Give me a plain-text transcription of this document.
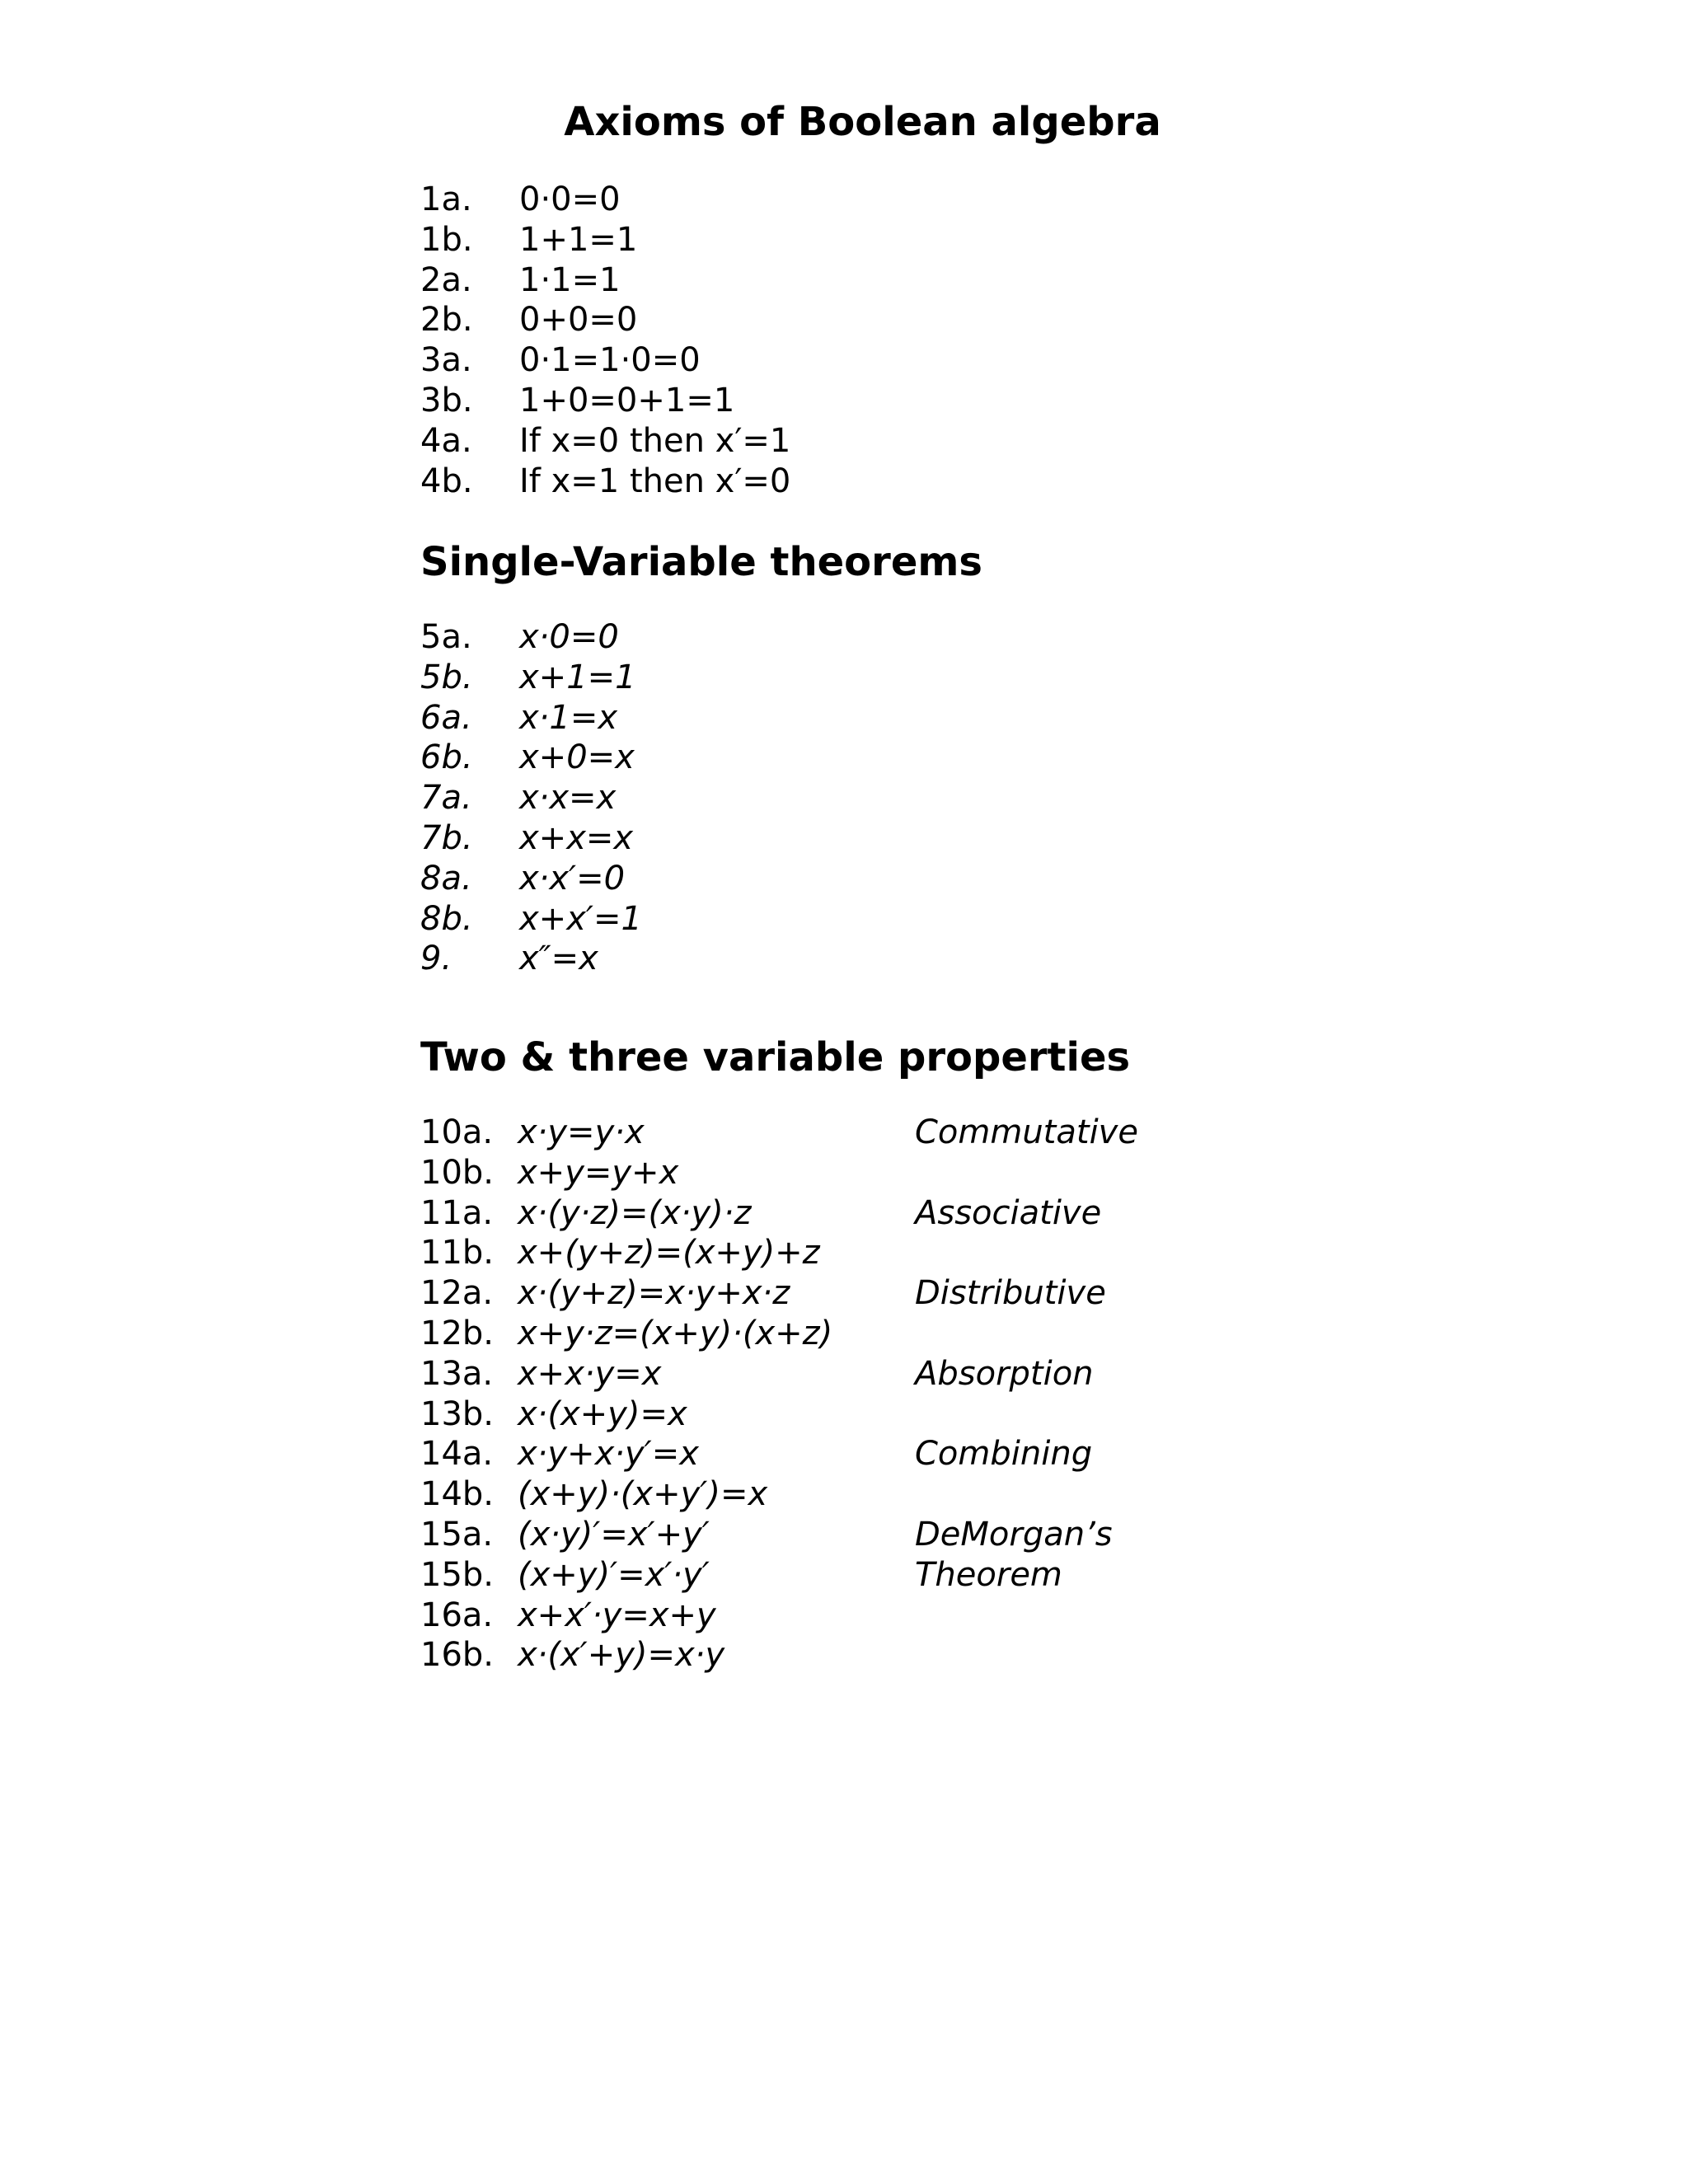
Axioms of Boolean algebra
1a. 0·0=0
1b. 1+1=1
2a. 1·1=1
2b. 0+0=0
3a. 0·1=1·0=0
3b. 1+0=0+1=1
4a. If x=0 then x′=1
4b. If x=1 then x′=0
Single-Variable theorems
5a. x·0=0
5b. x+1=1
6a. x·1=x
6b. x+0=x
7a. x·x=x
7b. x+x=x
8a. x·x′=0
8b. x+x′=1
9. x″=x
Two & three variable properties
10a. x·y=y·x	Commutative
10b. x+y=y+x
11a. x·(y·z)=(x·y)·z	Associative
11b. x+(y+z)=(x+y)+z
12a. x·(y+z)=x·y+x·z	Distributive
12b. x+y·z=(x+y)·(x+z)
13a. x+x·y=x	Absorption
13b. x·(x+y)=x
14a. x·y+x·y′=x	Combining
14b. (x+y)·(x+y′)=x
15a. (x·y)′=x′+y′	DeMorgan’s
15b. (x+y)′=x′·y′	Theorem
16a. x+x′·y=x+y
16b. x·(x′+y)=x·y
